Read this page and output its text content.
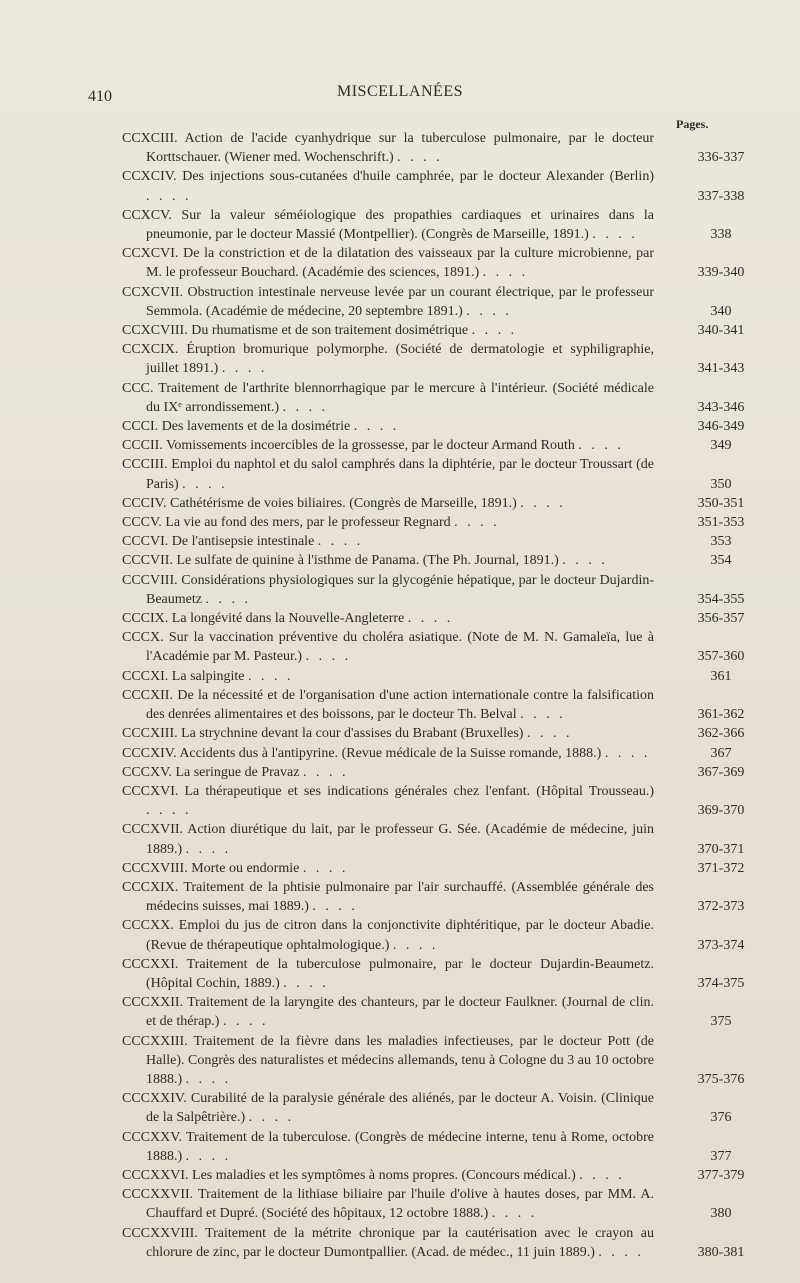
410	MISCELLANÉES
Pages.
CCXCIII. Action de l'acide cyanhydrique sur la tuberculose pulmonaire, par le docteur Korttschauer. (Wiener med. Wochenschrift.) . . . .	336-337
CCXCIV. Des injections sous-cutanées d'huile camphrée, par le docteur Alexander (Berlin) . . . .	337-338
CCXCV. Sur la valeur séméiologique des propathies cardiaques et urinaires dans la pneumonie, par le docteur Massié (Montpellier). (Congrès de Marseille, 1891.) . . . .	338
CCXCVI. De la constriction et de la dilatation des vaisseaux par la culture microbienne, par M. le professeur Bouchard. (Académie des sciences, 1891.) . . . .	339-340
CCXCVII. Obstruction intestinale nerveuse levée par un courant électrique, par le professeur Semmola. (Académie de médecine, 20 septembre 1891.) . . . .	340
CCXCVIII. Du rhumatisme et de son traitement dosimétrique . . . .	340-341
CCXCIX. Éruption bromurique polymorphe. (Société de dermatologie et syphiligraphie, juillet 1891.) . . . .	341-343
CCC. Traitement de l'arthrite blennorrhagique par le mercure à l'intérieur. (Société médicale du IXᵉ arrondissement.) . . . .	343-346
CCCI. Des lavements et de la dosimétrie . . . .	346-349
CCCII. Vomissements incoercibles de la grossesse, par le docteur Armand Routh . . . .	349
CCCIII. Emploi du naphtol et du salol camphrés dans la diphtérie, par le docteur Troussart (de Paris) . . . .	350
CCCIV. Cathétérisme de voies biliaires. (Congrès de Marseille, 1891.) . . . .	350-351
CCCV. La vie au fond des mers, par le professeur Regnard . . . .	351-353
CCCVI. De l'antisepsie intestinale . . . .	353
CCCVII. Le sulfate de quinine à l'isthme de Panama. (The Ph. Journal, 1891.) . . . .	354
CCCVIII. Considérations physiologiques sur la glycogénie hépatique, par le docteur Dujardin-Beaumetz . . . .	354-355
CCCIX. La longévité dans la Nouvelle-Angleterre . . . .	356-357
CCCX. Sur la vaccination préventive du choléra asiatique. (Note de M. N. Gamaleïa, lue à l'Académie par M. Pasteur.) . . . .	357-360
CCCXI. La salpingite . . . .	361
CCCXII. De la nécessité et de l'organisation d'une action internationale contre la falsification des denrées alimentaires et des boissons, par le docteur Th. Belval . . . .	361-362
CCCXIII. La strychnine devant la cour d'assises du Brabant (Bruxelles) . . . .	362-366
CCCXIV. Accidents dus à l'antipyrine. (Revue médicale de la Suisse romande, 1888.) . . . .	367
CCCXV. La seringue de Pravaz . . . .	367-369
CCCXVI. La thérapeutique et ses indications générales chez l'enfant. (Hôpital Trousseau.) . . . .	369-370
CCCXVII. Action diurétique du lait, par le professeur G. Sée. (Académie de médecine, juin 1889.) . . . .	370-371
CCCXVIII. Morte ou endormie . . . .	371-372
CCCXIX. Traitement de la phtisie pulmonaire par l'air surchauffé. (Assemblée générale des médecins suisses, mai 1889.) . . . .	372-373
CCCXX. Emploi du jus de citron dans la conjonctivite diphtéritique, par le docteur Abadie. (Revue de thérapeutique ophtalmologique.) . . . .	373-374
CCCXXI. Traitement de la tuberculose pulmonaire, par le docteur Dujardin-Beaumetz. (Hôpital Cochin, 1889.) . . . .	374-375
CCCXXII. Traitement de la laryngite des chanteurs, par le docteur Faulkner. (Journal de clin. et de thérap.) . . . .	375
CCCXXIII. Traitement de la fièvre dans les maladies infectieuses, par le docteur Pott (de Halle). Congrès des naturalistes et médecins allemands, tenu à Cologne du 3 au 10 octobre 1888.) . . . .	375-376
CCCXXIV. Curabilité de la paralysie générale des aliénés, par le docteur A. Voisin. (Clinique de la Salpêtrière.) . . . .	376
CCCXXV. Traitement de la tuberculose. (Congrès de médecine interne, tenu à Rome, octobre 1888.) . . . .	377
CCCXXVI. Les maladies et les symptômes à noms propres. (Concours médical.) . . . .	377-379
CCCXXVII. Traitement de la lithiase biliaire par l'huile d'olive à hautes doses, par MM. A. Chauffard et Dupré. (Société des hôpitaux, 12 octobre 1888.) . . . .	380
CCCXXVIII. Traitement de la métrite chronique par la cautérisation avec le crayon au chlorure de zinc, par le docteur Dumontpallier. (Acad. de médec., 11 juin 1889.) . . . .	380-381
